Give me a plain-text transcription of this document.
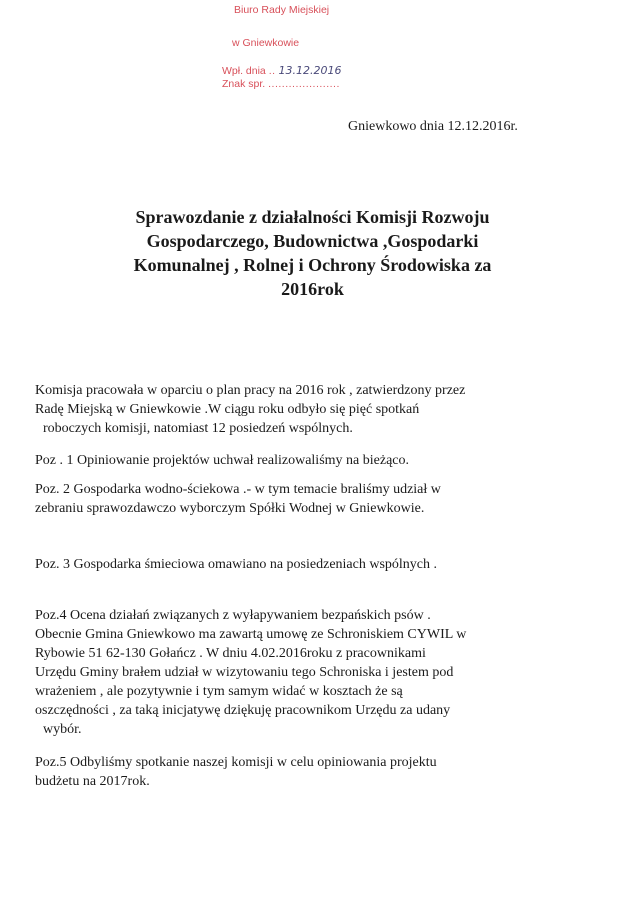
Biuro Rady Miejskiej
w Gniewkowie
Wpł. dnia .. 13.12.2016
Znak spr. .....................
Gniewkowo dnia 12.12.2016r.
Sprawozdanie z działalności Komisji Rozwoju
Gospodarczego, Budownictwa ,Gospodarki
Komunalnej , Rolnej i Ochrony Środowiska za
2016rok
Komisja pracowała w oparciu o plan pracy na 2016 rok , zatwierdzony przez
Radę Miejską w Gniewkowie .W ciągu roku odbyło się pięć spotkań
roboczych komisji, natomiast 12 posiedzeń wspólnych.
Poz . 1 Opiniowanie projektów uchwał realizowaliśmy na bieżąco.
Poz. 2 Gospodarka wodno-ściekowa .- w tym temacie braliśmy udział w
zebraniu sprawozdawczo wyborczym Spółki Wodnej w Gniewkowie.
Poz. 3 Gospodarka śmieciowa omawiano na posiedzeniach wspólnych .
Poz.4 Ocena działań związanych z wyłapywaniem bezpańskich psów .
Obecnie Gmina Gniewkowo ma zawartą umowę ze Schroniskiem CYWIL w
Rybowie 51 62-130 Gołańcz . W dniu 4.02.2016roku z pracownikami
Urzędu Gminy brałem udział w wizytowaniu tego Schroniska i jestem pod
wrażeniem , ale pozytywnie i tym samym widać w kosztach że są
oszczędności , za taką inicjatywę dziękuję pracownikom Urzędu za udany
wybór.
Poz.5 Odbyliśmy spotkanie naszej komisji w celu opiniowania projektu
budżetu na 2017rok.
